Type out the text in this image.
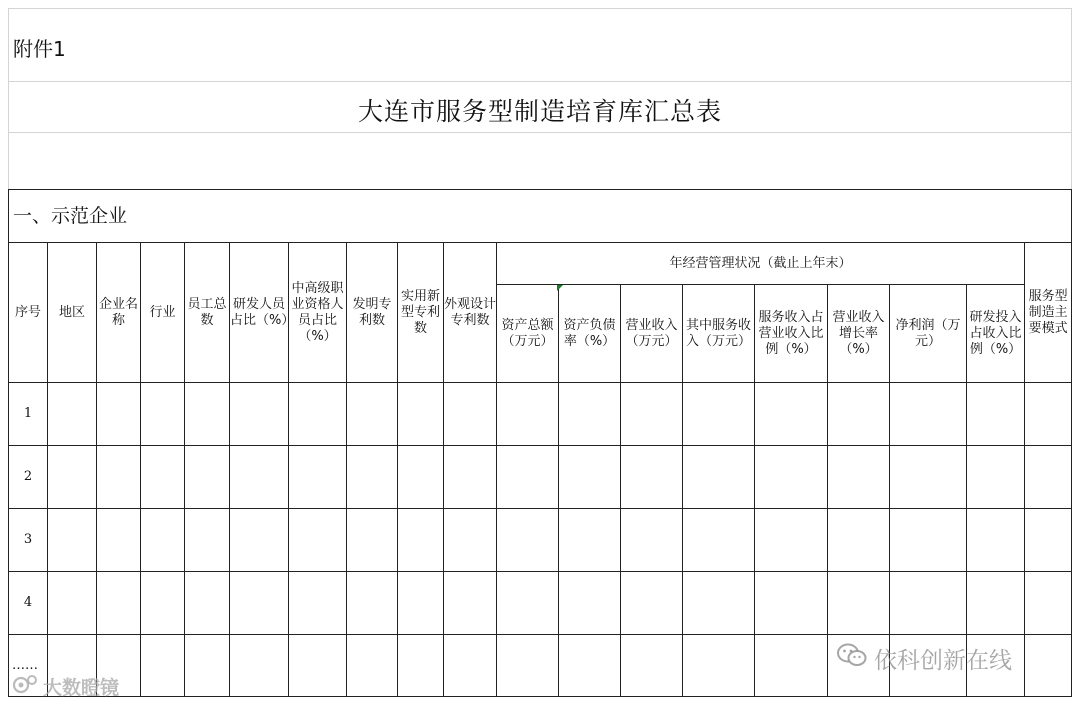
附件1
大连市服务型制造培育库汇总表
一、示范企业																		
序号	地区	企业名称	行业	员工总数	研发人员占比（%）	中高级职业资格人员占比（%）	发明专利数	实用新型专利数	外观设计专利数	年经营管理状况（截止上年末）								服务型制造主要模式
										资产总额（万元）	资产负债率（%）	营业收入（万元）	其中服务收入（万元）	服务收入占营业收入比例（%）	营业收入增长率（%）	净利润（万元）	研发投入占收入比例（%）	
1																		
2																		
3																		
4																		
……																			依科创新在线
大数瞪镜
